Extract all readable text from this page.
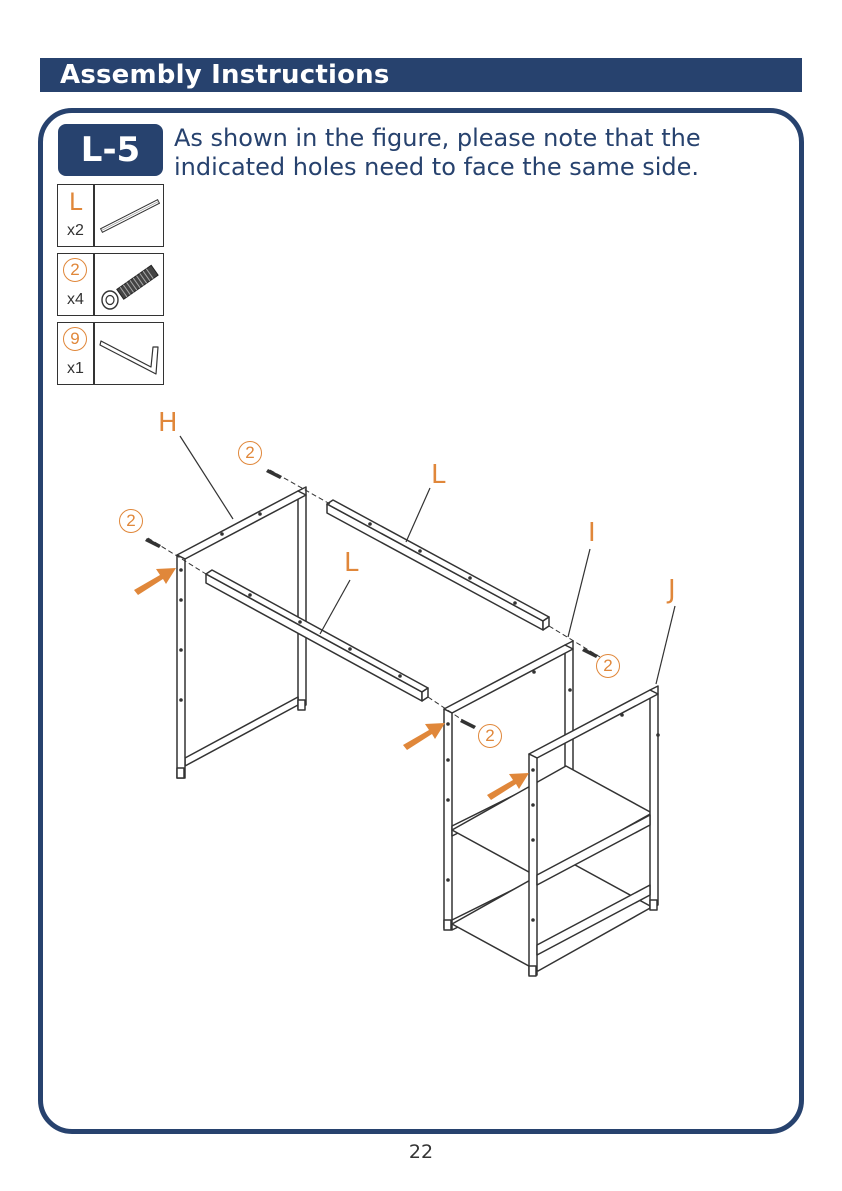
Assembly Instructions
L-5	As shown in the figure, please note that the indicated holes need to face the same side.
L
x2
2
x4
9
x1
H
L
L
I
J
2
2
2
2
22
